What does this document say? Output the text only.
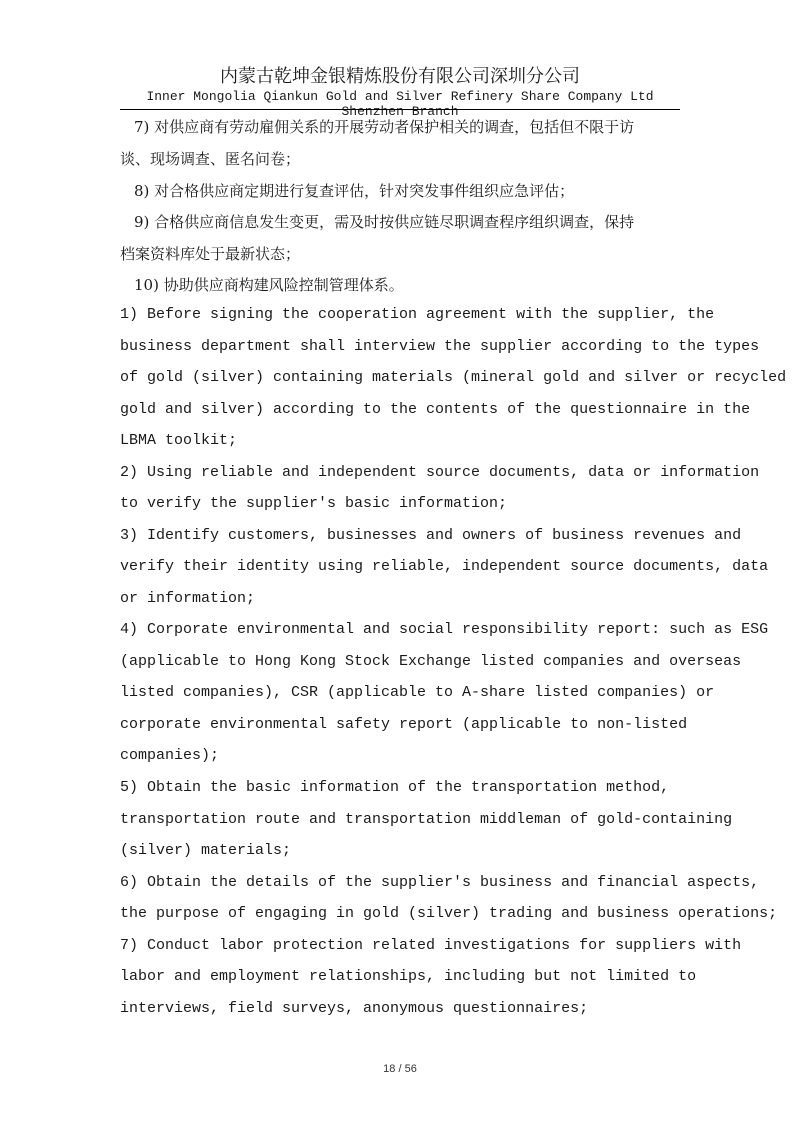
内蒙古乾坤金银精炼股份有限公司深圳分公司
Inner Mongolia Qiankun Gold and Silver Refinery Share Company Ltd Shenzhen Branch
7) 对供应商有劳动雇佣关系的开展劳动者保护相关的调查，包括但不限于访
谈、现场调查、匿名问卷；
8) 对合格供应商定期进行复查评估，针对突发事件组织应急评估；
9) 合格供应商信息发生变更，需及时按供应链尽职调查程序组织调查，保持
档案资料库处于最新状态；
10) 协助供应商构建风险控制管理体系。
1) Before signing the cooperation agreement with the supplier, the
business department shall interview the supplier according to the types
of gold (silver) containing materials (mineral gold and silver or recycled
gold and silver) according to the contents of the questionnaire in the
LBMA toolkit;
2) Using reliable and independent source documents, data or information
to verify the supplier's basic information;
3) Identify customers, businesses and owners of business revenues and
verify their identity using reliable, independent source documents, data
or information;
4) Corporate environmental and social responsibility report: such as ESG
(applicable to Hong Kong Stock Exchange listed companies and overseas
listed companies), CSR (applicable to A-share listed companies) or
corporate environmental safety report (applicable to non-listed
companies);
5) Obtain the basic information of the transportation method,
transportation route and transportation middleman of gold-containing
(silver) materials;
6) Obtain the details of the supplier's business and financial aspects,
the purpose of engaging in gold (silver) trading and business operations;
7) Conduct labor protection related investigations for suppliers with
labor and employment relationships, including but not limited to
interviews, field surveys, anonymous questionnaires;
18 / 56
